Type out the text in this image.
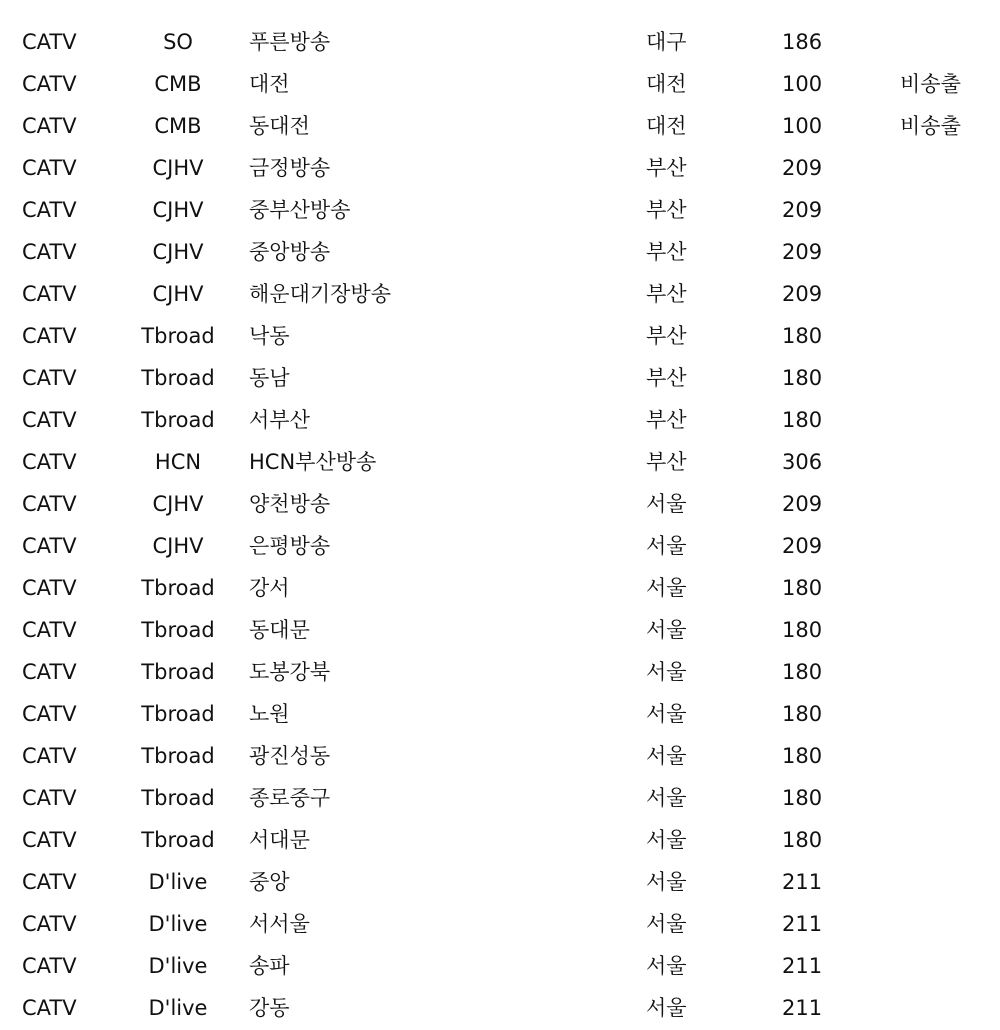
CATV	SO	푸른방송	대구	186
CATV	CMB	대전	대전	100	비송출
CATV	CMB	동대전	대전	100	비송출
CATV	CJHV	금정방송	부산	209
CATV	CJHV	중부산방송	부산	209
CATV	CJHV	중앙방송	부산	209
CATV	CJHV	해운대기장방송	부산	209
CATV	Tbroad	낙동	부산	180
CATV	Tbroad	동남	부산	180
CATV	Tbroad	서부산	부산	180
CATV	HCN	HCN부산방송	부산	306
CATV	CJHV	양천방송	서울	209
CATV	CJHV	은평방송	서울	209
CATV	Tbroad	강서	서울	180
CATV	Tbroad	동대문	서울	180
CATV	Tbroad	도봉강북	서울	180
CATV	Tbroad	노원	서울	180
CATV	Tbroad	광진성동	서울	180
CATV	Tbroad	종로중구	서울	180
CATV	Tbroad	서대문	서울	180
CATV	D'live	중앙	서울	211
CATV	D'live	서서울	서울	211
CATV	D'live	송파	서울	211
CATV	D'live	강동	서울	211
